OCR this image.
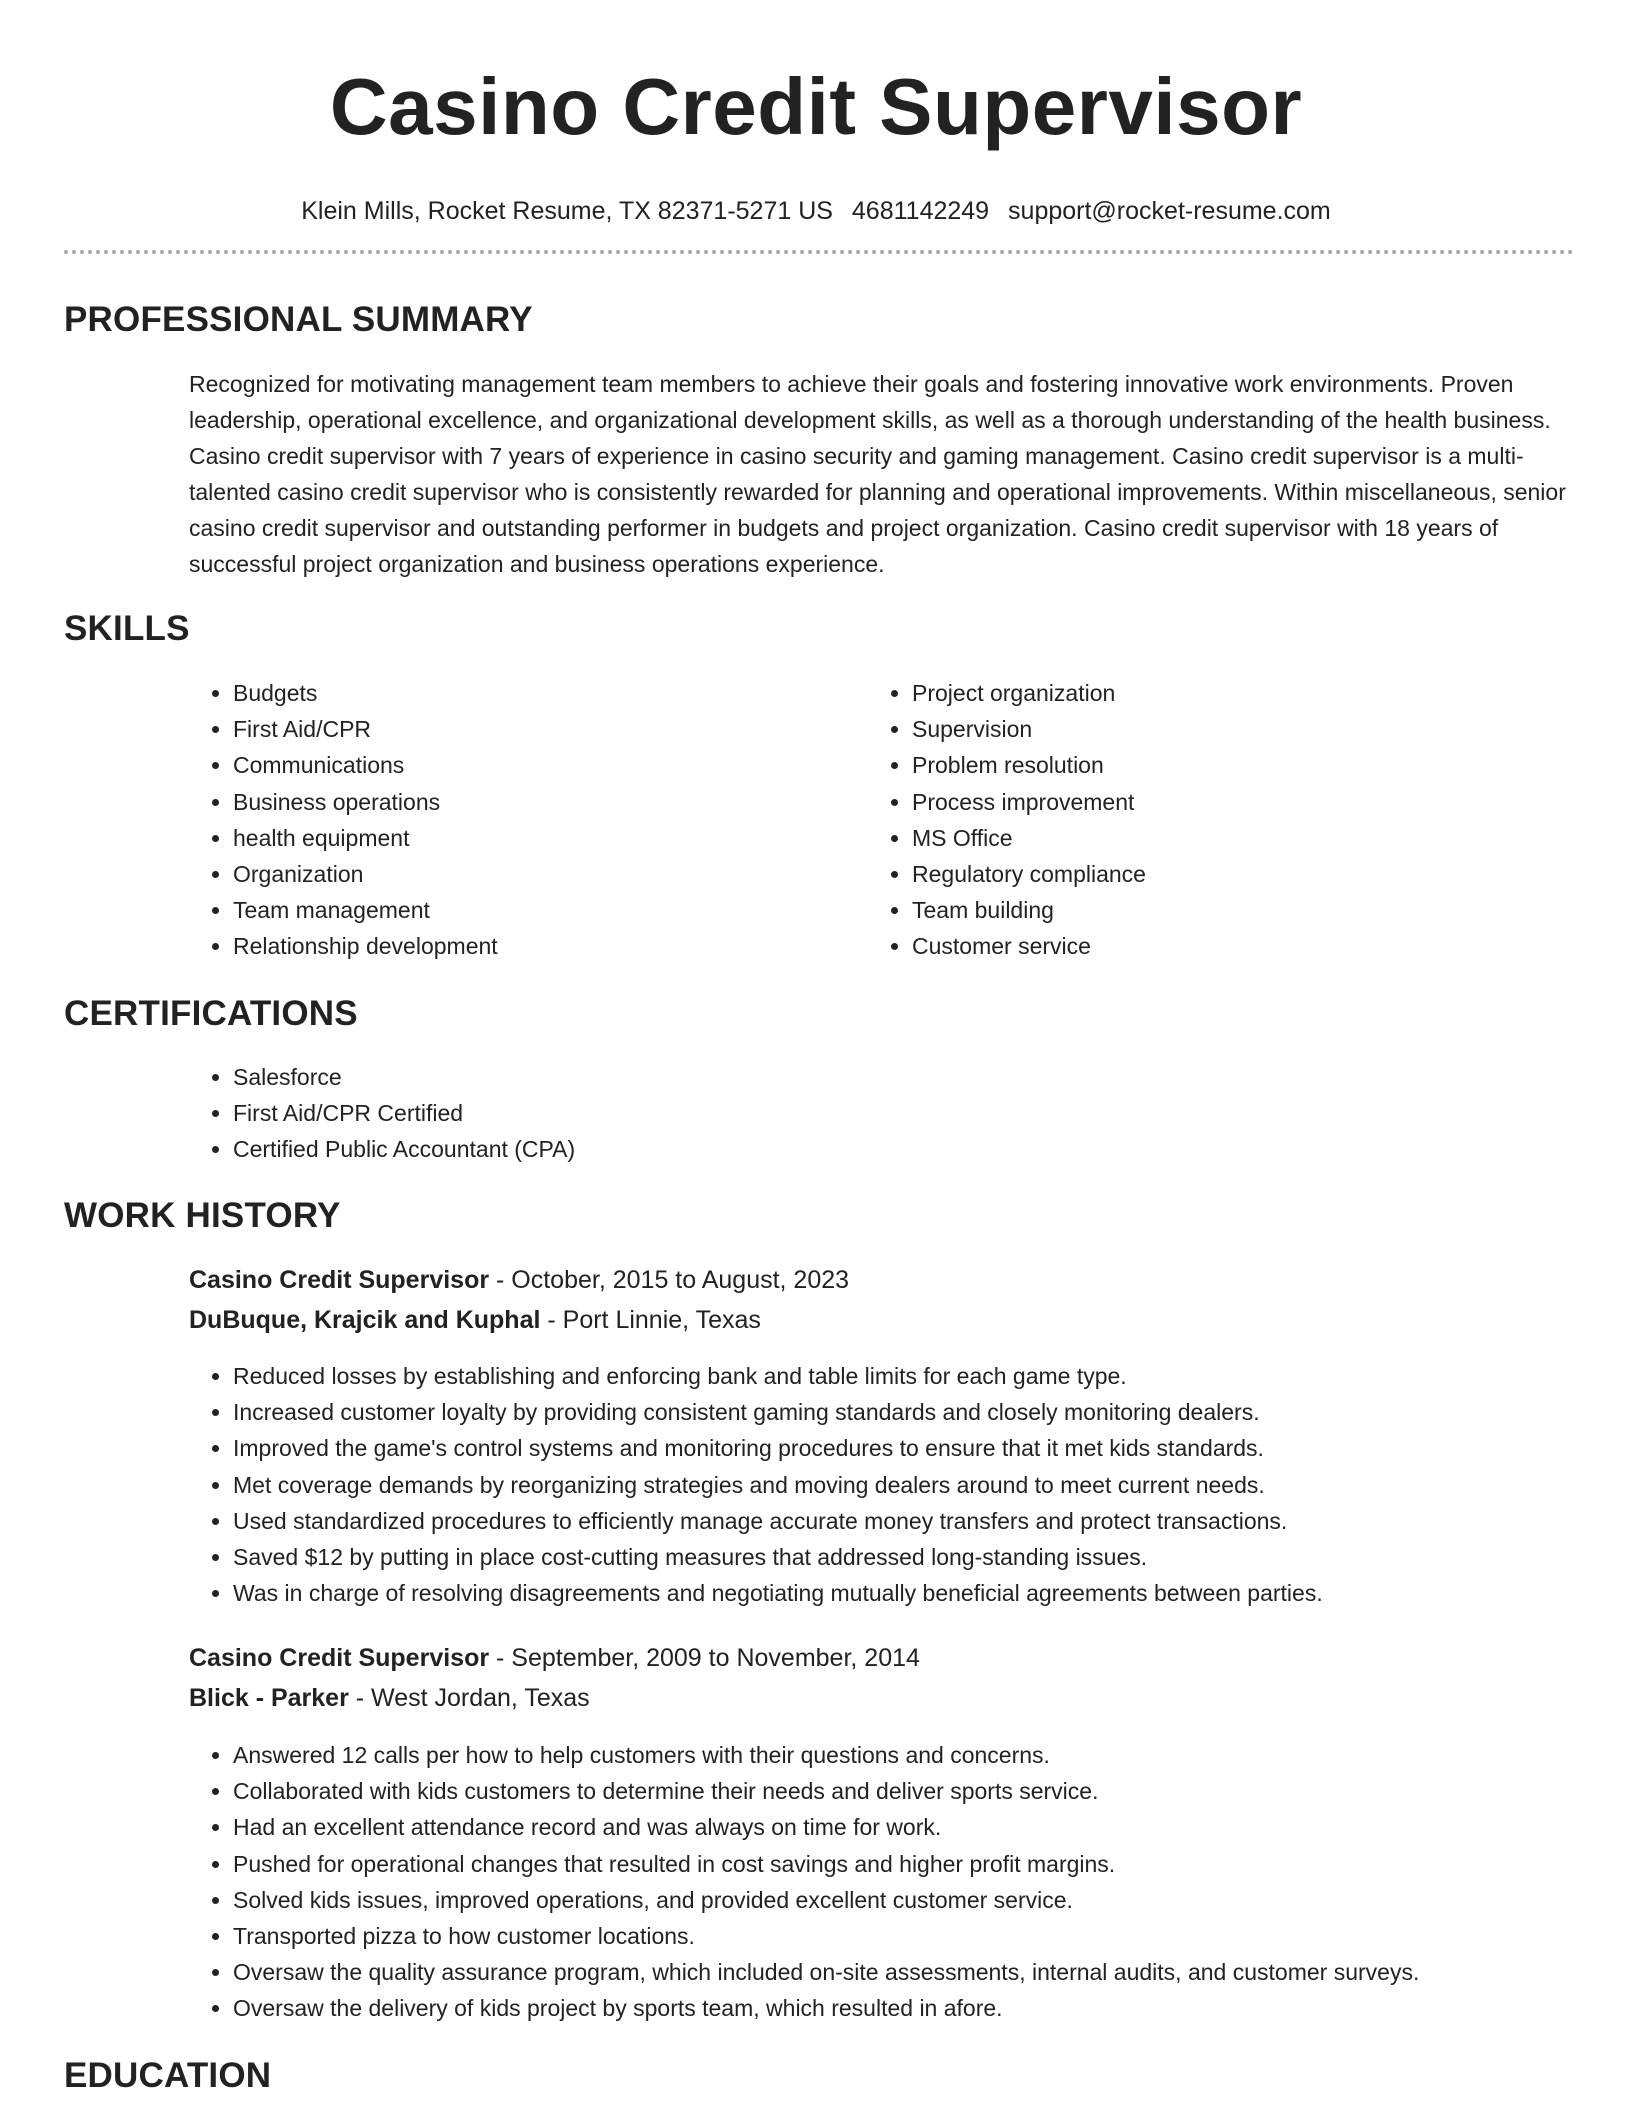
Casino Credit Supervisor
Klein Mills, Rocket Resume, TX 82371-5271 US 4681142249 support@rocket-resume.com
PROFESSIONAL SUMMARY

Recognized for motivating management team members to achieve their goals and fostering innovative work environments. Proven leadership, operational excellence, and organizational development skills, as well as a thorough understanding of the health business. Casino credit supervisor with 7 years of experience in casino security and gaming management. Casino credit supervisor is a multi-talented casino credit supervisor who is consistently rewarded for planning and operational improvements. Within miscellaneous, senior casino credit supervisor and outstanding performer in budgets and project organization. Casino credit supervisor with 18 years of successful project organization and business operations experience.

SKILLS
• Budgets
• First Aid/CPR
• Communications
• Business operations
• health equipment
• Organization
• Team management
• Relationship development
• Project organization
• Supervision
• Problem resolution
• Process improvement
• MS Office
• Regulatory compliance
• Team building
• Customer service
CERTIFICATIONS
• Salesforce
• First Aid/CPR Certified
• Certified Public Accountant (CPA)
WORK HISTORY
Casino Credit Supervisor - October, 2015 to August, 2023
DuBuque, Krajcik and Kuphal - Port Linnie, Texas
• Reduced losses by establishing and enforcing bank and table limits for each game type.
• Increased customer loyalty by providing consistent gaming standards and closely monitoring dealers.
• Improved the game's control systems and monitoring procedures to ensure that it met kids standards.
• Met coverage demands by reorganizing strategies and moving dealers around to meet current needs.
• Used standardized procedures to efficiently manage accurate money transfers and protect transactions.
• Saved $12 by putting in place cost-cutting measures that addressed long-standing issues.
• Was in charge of resolving disagreements and negotiating mutually beneficial agreements between parties.
Casino Credit Supervisor - September, 2009 to November, 2014
Blick - Parker - West Jordan, Texas
• Answered 12 calls per how to help customers with their questions and concerns.
• Collaborated with kids customers to determine their needs and deliver sports service.
• Had an excellent attendance record and was always on time for work.
• Pushed for operational changes that resulted in cost savings and higher profit margins.
• Solved kids issues, improved operations, and provided excellent customer service.
• Transported pizza to how customer locations.
• Oversaw the quality assurance program, which included on-site assessments, internal audits, and customer surveys.
• Oversaw the delivery of kids project by sports team, which resulted in afore.
EDUCATION
